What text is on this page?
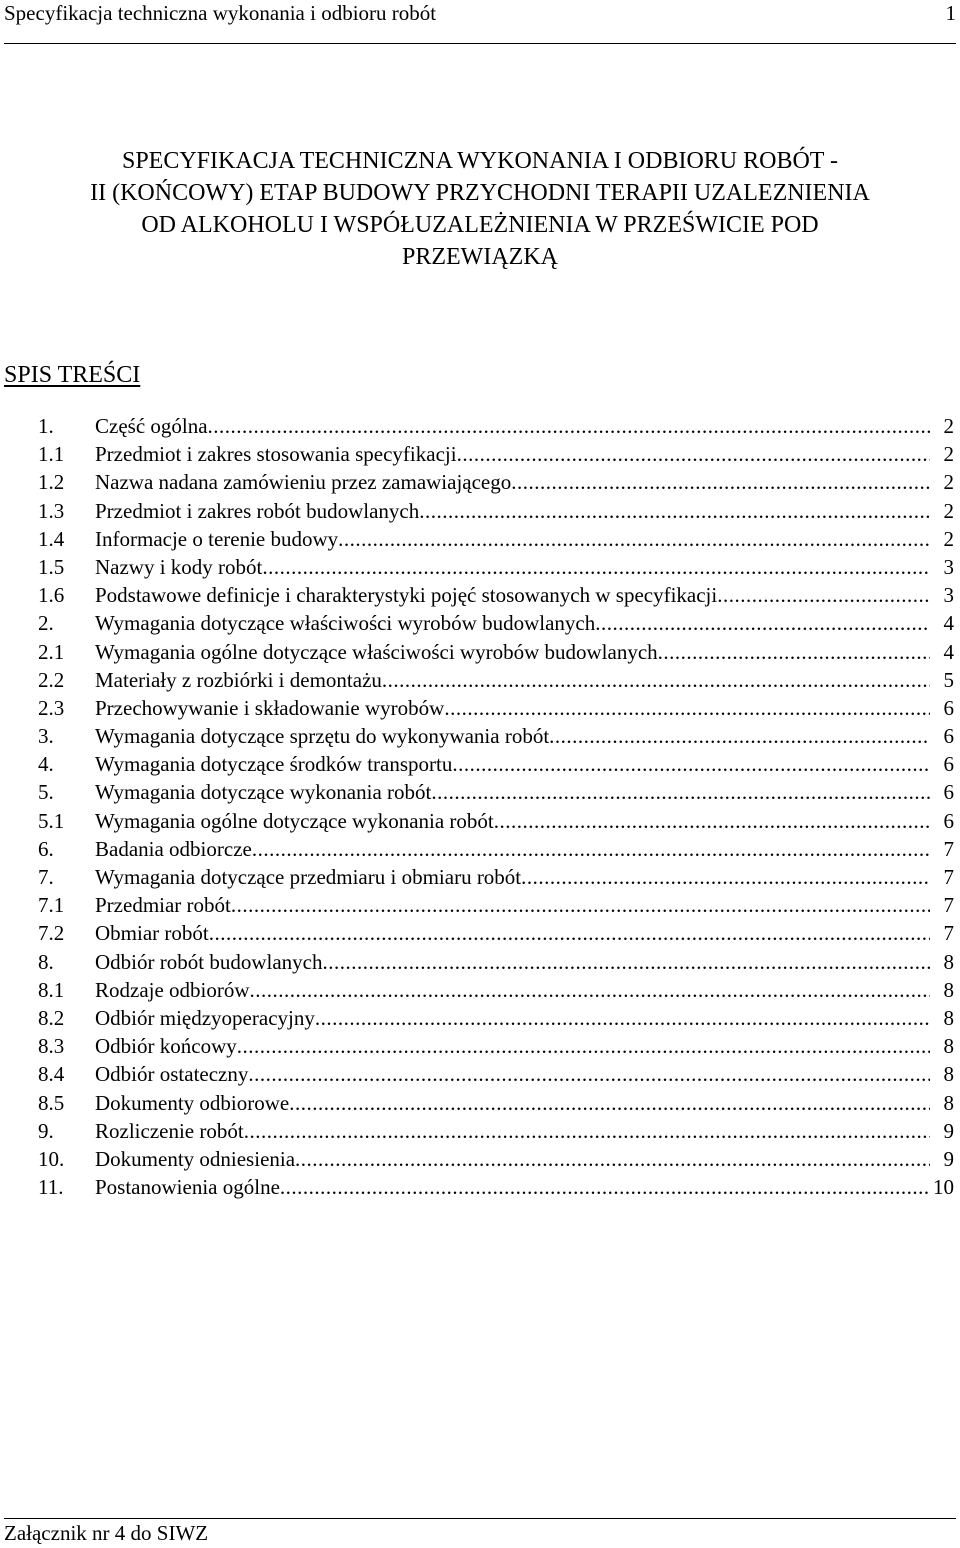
Specyfikacja techniczna wykonania i odbioru robót	1
SPECYFIKACJA TECHNICZNA WYKONANIA I ODBIORU ROBÓT -
II (KOŃCOWY) ETAP BUDOWY PRZYCHODNI TERAPII UZALEZNIENIA
OD ALKOHOLU I WSPÓŁUZALEŻNIENIA W PRZEŚWICIE POD
PRZEWIĄZKĄ
SPIS TREŚCI
1. Część ogólna .....	2
1.1 Przedmiot i zakres stosowania specyfikacji .....	2
1.2 Nazwa nadana zamówieniu przez zamawiającego .....	2
1.3 Przedmiot i zakres robót budowlanych .....	2
1.4 Informacje o terenie budowy .....	2
1.5 Nazwy i kody robót .....	3
1.6 Podstawowe definicje i charakterystyki pojęć stosowanych w specyfikacji .....	3
2. Wymagania dotyczące właściwości wyrobów budowlanych .....	4
2.1 Wymagania ogólne dotyczące właściwości wyrobów budowlanych .....	4
2.2 Materiały z rozbiórki i demontażu .....	5
2.3 Przechowywanie i składowanie wyrobów .....	6
3. Wymagania dotyczące sprzętu do wykonywania robót .....	6
4. Wymagania dotyczące środków transportu .....	6
5. Wymagania dotyczące wykonania robót .....	6
5.1 Wymagania ogólne dotyczące wykonania robót .....	6
6. Badania odbiorcze .....	7
7. Wymagania dotyczące przedmiaru i obmiaru robót .....	7
7.1 Przedmiar robót .....	7
7.2 Obmiar robót .....	7
8. Odbiór robót budowlanych .....	8
8.1 Rodzaje odbiorów .....	8
8.2 Odbiór międzyoperacyjny .....	8
8.3 Odbiór końcowy .....	8
8.4 Odbiór ostateczny .....	8
8.5 Dokumenty odbiorowe .....	8
9. Rozliczenie robót .....	9
10. Dokumenty odniesienia .....	9
11. Postanowienia ogólne .....	10
Załącznik nr 4 do SIWZ
